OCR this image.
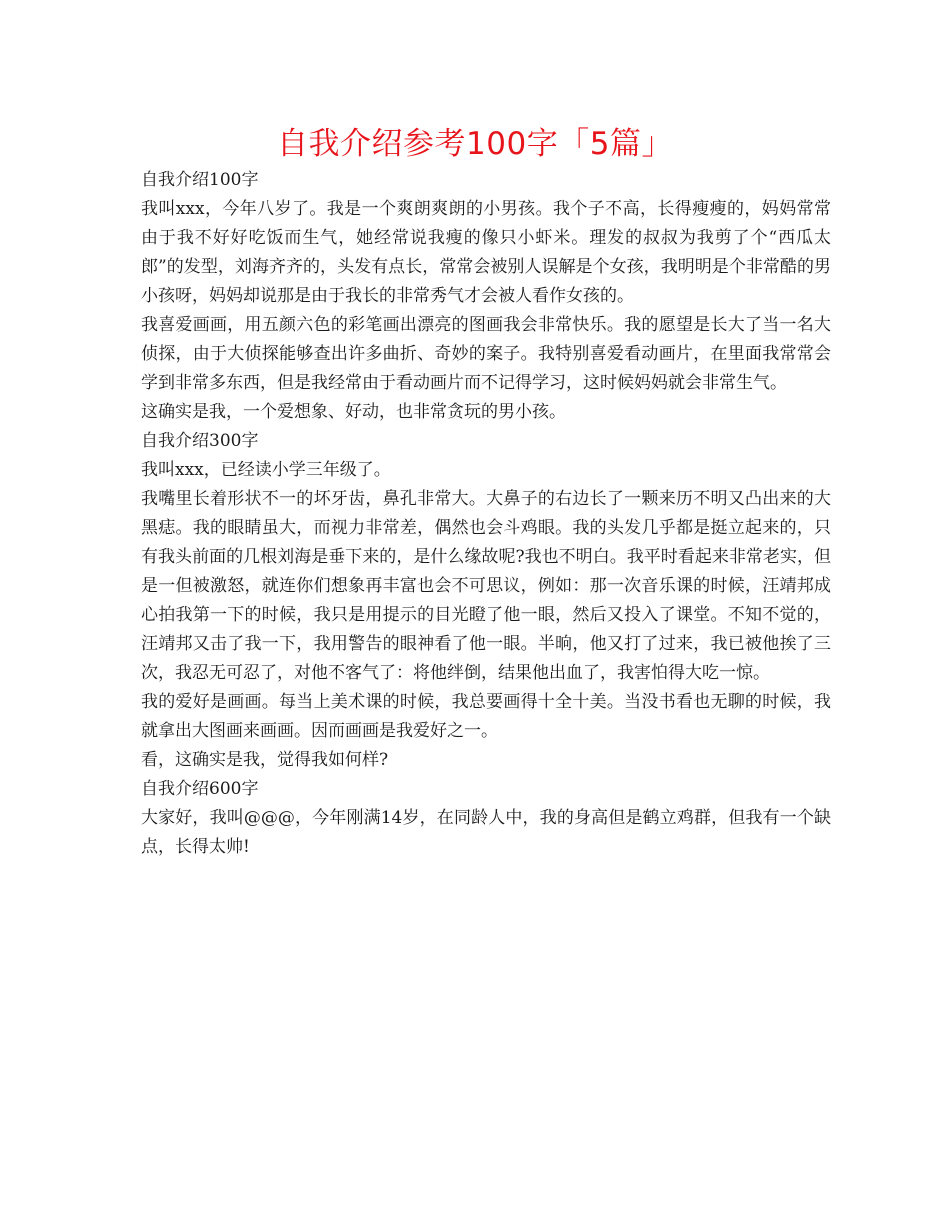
自我介绍参考100字「5篇」

自我介绍100字

我叫xxx，今年八岁了。我是一个爽朗爽朗的小男孩。我个子不高，长得瘦瘦的，妈妈常常由于我不好好吃饭而生气，她经常说我瘦的像只小虾米。理发的叔叔为我剪了个“西瓜太郎”的发型，刘海齐齐的，头发有点长，常常会被别人误解是个女孩，我明明是个非常酷的男小孩呀，妈妈却说那是由于我长的非常秀气才会被人看作女孩的。

我喜爱画画，用五颜六色的彩笔画出漂亮的图画我会非常快乐。我的愿望是长大了当一名大侦探，由于大侦探能够查出许多曲折、奇妙的案子。我特别喜爱看动画片，在里面我常常会学到非常多东西，但是我经常由于看动画片而不记得学习，这时候妈妈就会非常生气。

这确实是我，一个爱想象、好动，也非常贪玩的男小孩。

自我介绍300字

我叫xxx，已经读小学三年级了。

我嘴里长着形状不一的坏牙齿，鼻孔非常大。大鼻子的右边长了一颗来历不明又凸出来的大黑痣。我的眼睛虽大，而视力非常差，偶然也会斗鸡眼。我的头发几乎都是挺立起来的，只有我头前面的几根刘海是垂下来的，是什么缘故呢?我也不明白。我平时看起来非常老实，但是一但被激怒，就连你们想象再丰富也会不可思议，例如：那一次音乐课的时候，汪靖邦成心拍我第一下的时候，我只是用提示的目光瞪了他一眼，然后又投入了课堂。不知不觉的，汪靖邦又击了我一下，我用警告的眼神看了他一眼。半晌，他又打了过来，我已被他挨了三次，我忍无可忍了，对他不客气了：将他绊倒，结果他出血了，我害怕得大吃一惊。

我的爱好是画画。每当上美术课的时候，我总要画得十全十美。当没书看也无聊的时候，我就拿出大图画来画画。因而画画是我爱好之一。

看，这确实是我，觉得我如何样?

自我介绍600字

大家好，我叫@@@，今年刚满14岁，在同龄人中，我的身高但是鹤立鸡群，但我有一个缺点，长得太帅!
